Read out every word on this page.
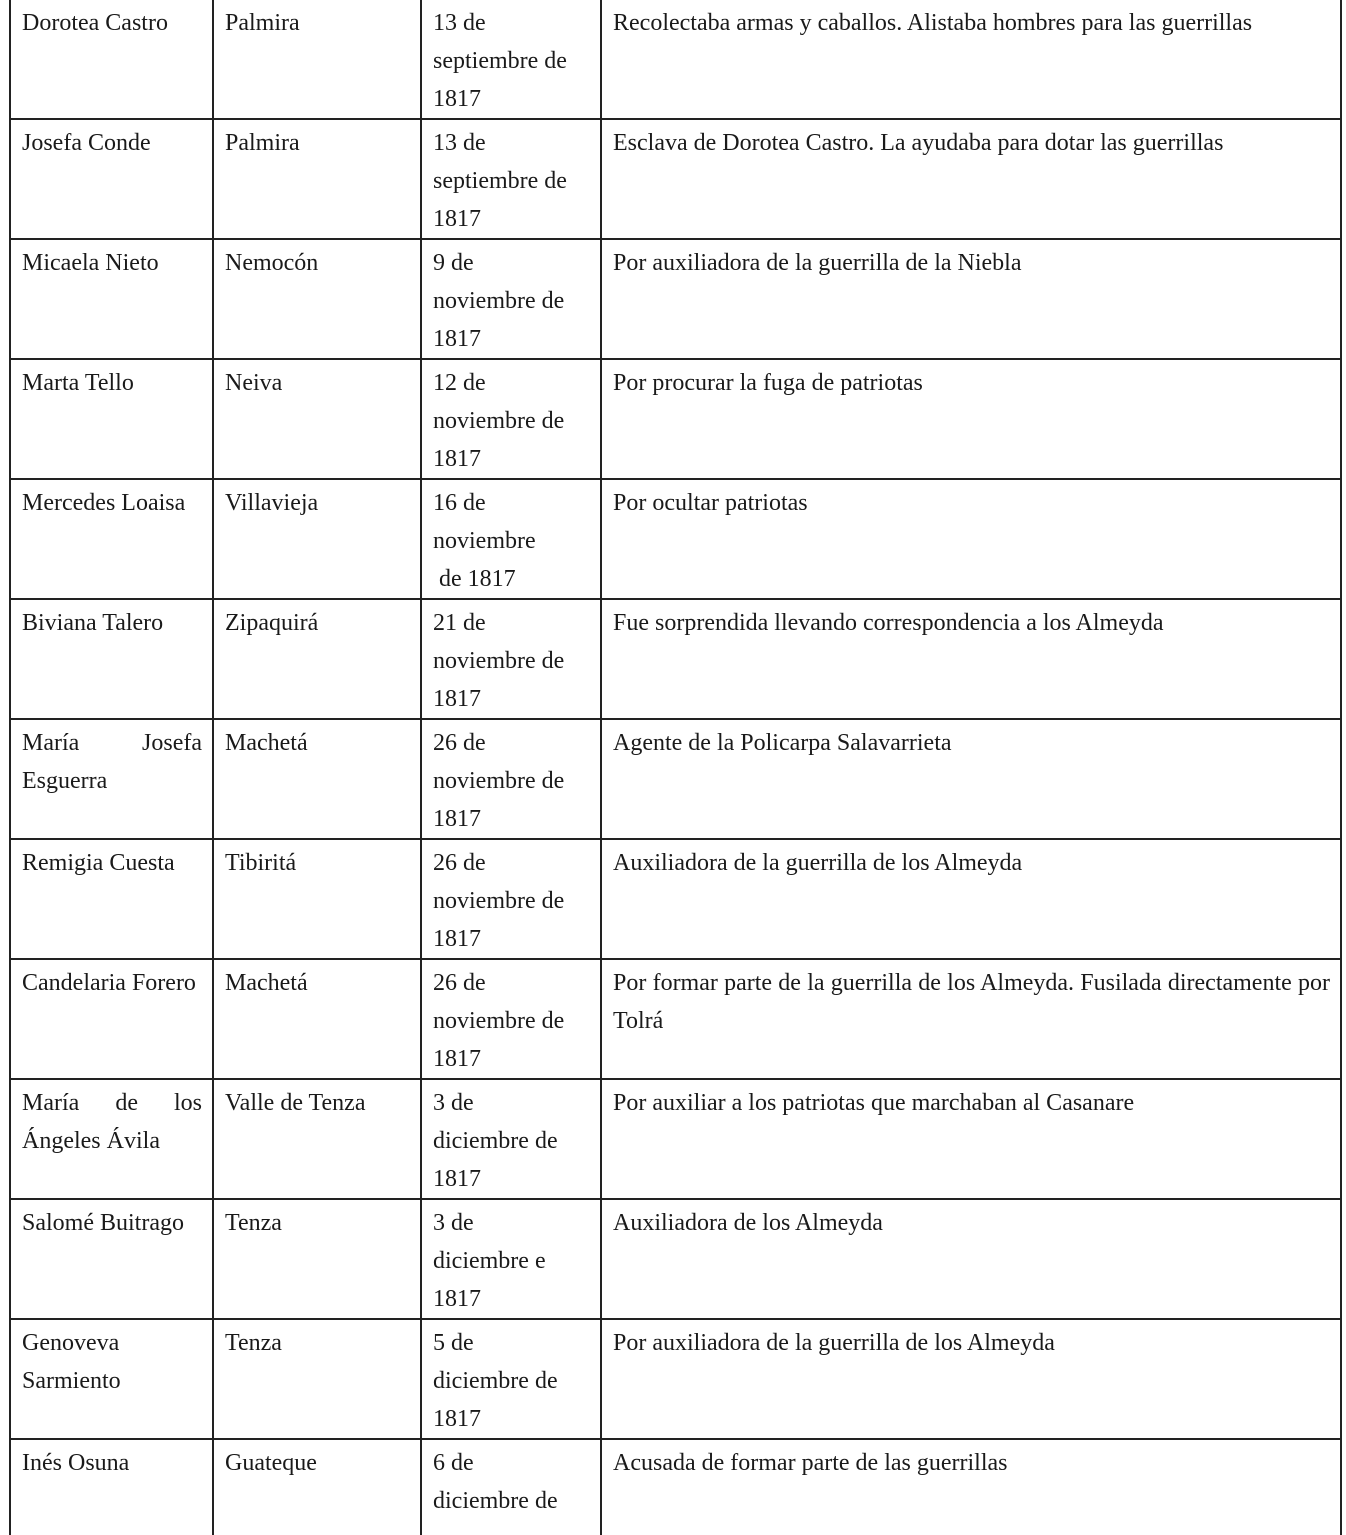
Dorotea Castro	Palmira	13 de
septiembre de
1817	Recolectaba armas y caballos. Alistaba hombres para las guerrillas
Josefa Conde	Palmira	13 de
septiembre de
1817	Esclava de Dorotea Castro. La ayudaba para dotar las guerrillas
Micaela Nieto	Nemocón	9 de
noviembre de
1817	Por auxiliadora de la guerrilla de la Niebla
Marta Tello	Neiva	12 de
noviembre de
1817	Por procurar la fuga de patriotas
Mercedes Loaisa	Villavieja	16 de
noviembre
de 1817	Por ocultar patriotas
Biviana Talero	Zipaquirá	21 de
noviembre de
1817	Fue sorprendida llevando correspondencia a los Almeyda
María Josefa Esguerra	Machetá	26 de
noviembre de
1817	Agente de la Policarpa Salavarrieta
Remigia Cuesta	Tibiritá	26 de
noviembre de
1817	Auxiliadora de la guerrilla de los Almeyda
Candelaria Forero	Machetá	26 de
noviembre de
1817	Por formar parte de la guerrilla de los Almeyda. Fusilada directamente por Tolrá
María de los Ángeles Ávila	Valle de Tenza	3 de
diciembre de
1817	Por auxiliar a los patriotas que marchaban al Casanare
Salomé Buitrago	Tenza	3 de
diciembre e
1817	Auxiliadora de los Almeyda
Genoveva Sarmiento	Tenza	5 de
diciembre de
1817	Por auxiliadora de la guerrilla de los Almeyda
Inés Osuna	Guateque	6 de
diciembre de	Acusada de formar parte de las guerrillas
